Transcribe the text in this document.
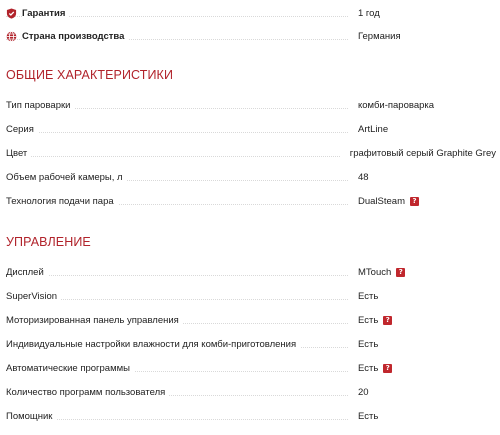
Гарантия	1 год
Страна производства	Германия
ОБЩИЕ ХАРАКТЕРИСТИКИ
Тип пароварки	комби-пароварка
Серия	ArtLine
Цвет	графитовый серый Graphite Grey
Объем рабочей камеры, л	48
Технология подачи пара	DualSteam	?
УПРАВЛЕНИЕ
Дисплей	MTouch	?
SuperVision	Есть
Моторизированная панель управления	Есть	?
Индивидуальные настройки влажности для комби-приготовления	Есть
Автоматические программы	Есть	?
Количество программ пользователя	20
Помощник	Есть
